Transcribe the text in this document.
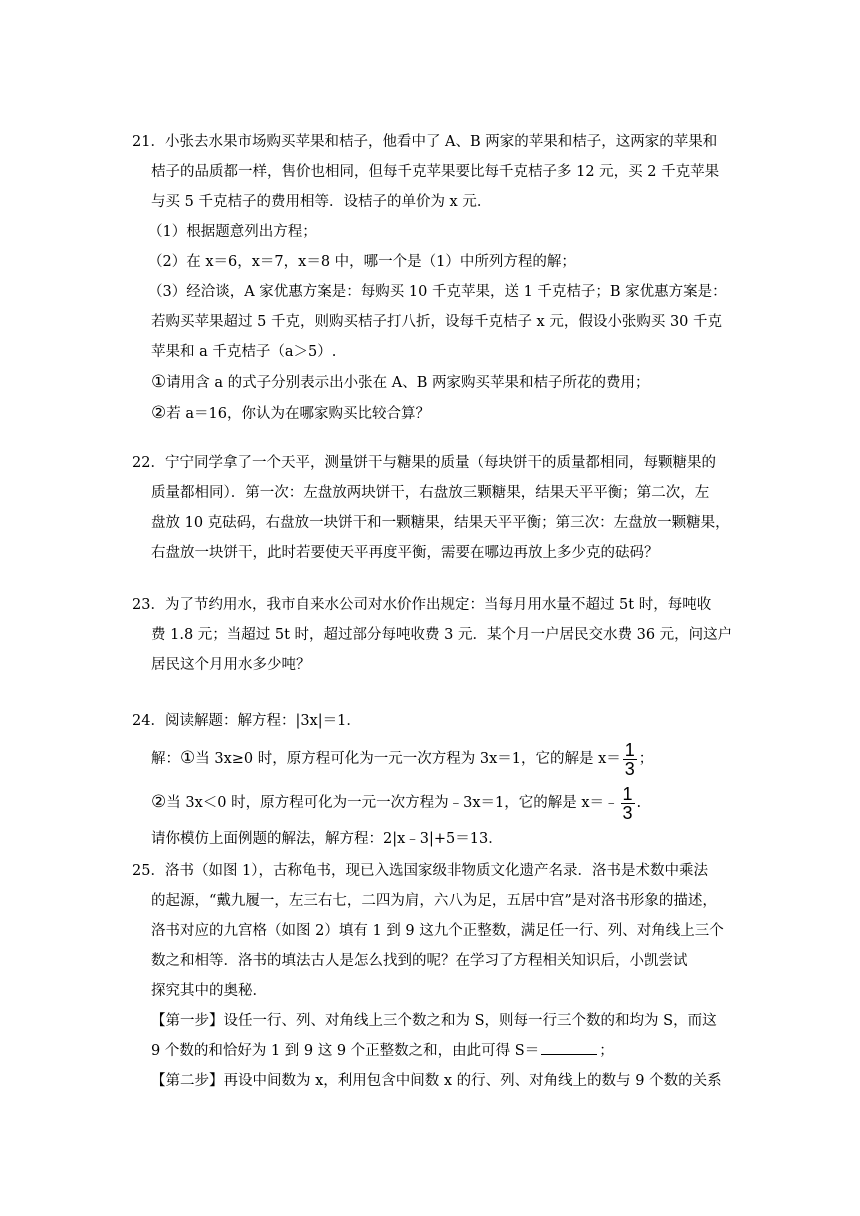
21．小张去水果市场购买苹果和桔子，他看中了 A、B 两家的苹果和桔子，这两家的苹果和

桔子的品质都一样，售价也相同，但每千克苹果要比每千克桔子多 12 元，买 2 千克苹果

与买 5 千克桔子的费用相等．设桔子的单价为 x 元．

（1）根据题意列出方程；

（2）在 x＝6，x＝7，x＝8 中，哪一个是（1）中所列方程的解；

（3）经洽谈，A 家优惠方案是：每购买 10 千克苹果，送 1 千克桔子；B 家优惠方案是：

若购买苹果超过 5 千克，则购买桔子打八折，设每千克桔子 x 元，假设小张购买 30 千克

苹果和 a 千克桔子（a＞5）.

①请用含 a 的式子分别表示出小张在 A、B 两家购买苹果和桔子所花的费用；

②若 a＝16，你认为在哪家购买比较合算？

22．宁宁同学拿了一个天平，测量饼干与糖果的质量（每块饼干的质量都相同，每颗糖果的

质量都相同）．第一次：左盘放两块饼干，右盘放三颗糖果，结果天平平衡；第二次，左

盘放 10 克砝码，右盘放一块饼干和一颗糖果，结果天平平衡；第三次：左盘放一颗糖果，

右盘放一块饼干，此时若要使天平再度平衡，需要在哪边再放上多少克的砝码？

23．为了节约用水，我市自来水公司对水价作出规定：当每月用水量不超过 5t 时，每吨收

费 1.8 元；当超过 5t 时，超过部分每吨收费 3 元．某个月一户居民交水费 36 元，问这户

居民这个月用水多少吨？

24．阅读解题：解方程：|3x|＝1．

解：①当 3x≥0 时，原方程可化为一元一次方程为 3x＝1，它的解是 $x= \frac{1}{3}$ ；

②当 3x＜0 时，原方程可化为一元一次方程为﹣3x＝1，它的解是 x＝﹣ $\frac{1}{3}$ .

请你模仿上面例题的解法，解方程：2|x﹣3|+5＝13．

25．洛书（如图 1），古称龟书，现已入选国家级非物质文化遗产名录．洛书是术数中乘法

的起源，“戴九履一，左三右七，二四为肩，六八为足，五居中宫”是对洛书形象的描述，

洛书对应的九宫格（如图 2）填有 1 到 9 这九个正整数，满足任一行、列、对角线上三个

数之和相等．洛书的填法古人是怎么找到的呢？在学习了方程相关知识后，小凯尝试

探究其中的奥秘．

【第一步】设任一行、列、对角线上三个数之和为 S，则每一行三个数的和均为 S，而这

9 个数的和恰好为 1 到 9 这 9 个正整数之和，由此可得 S＝	；

【第二步】再设中间数为 x，利用包含中间数 x 的行、列、对角线上的数与 9 个数的关系
